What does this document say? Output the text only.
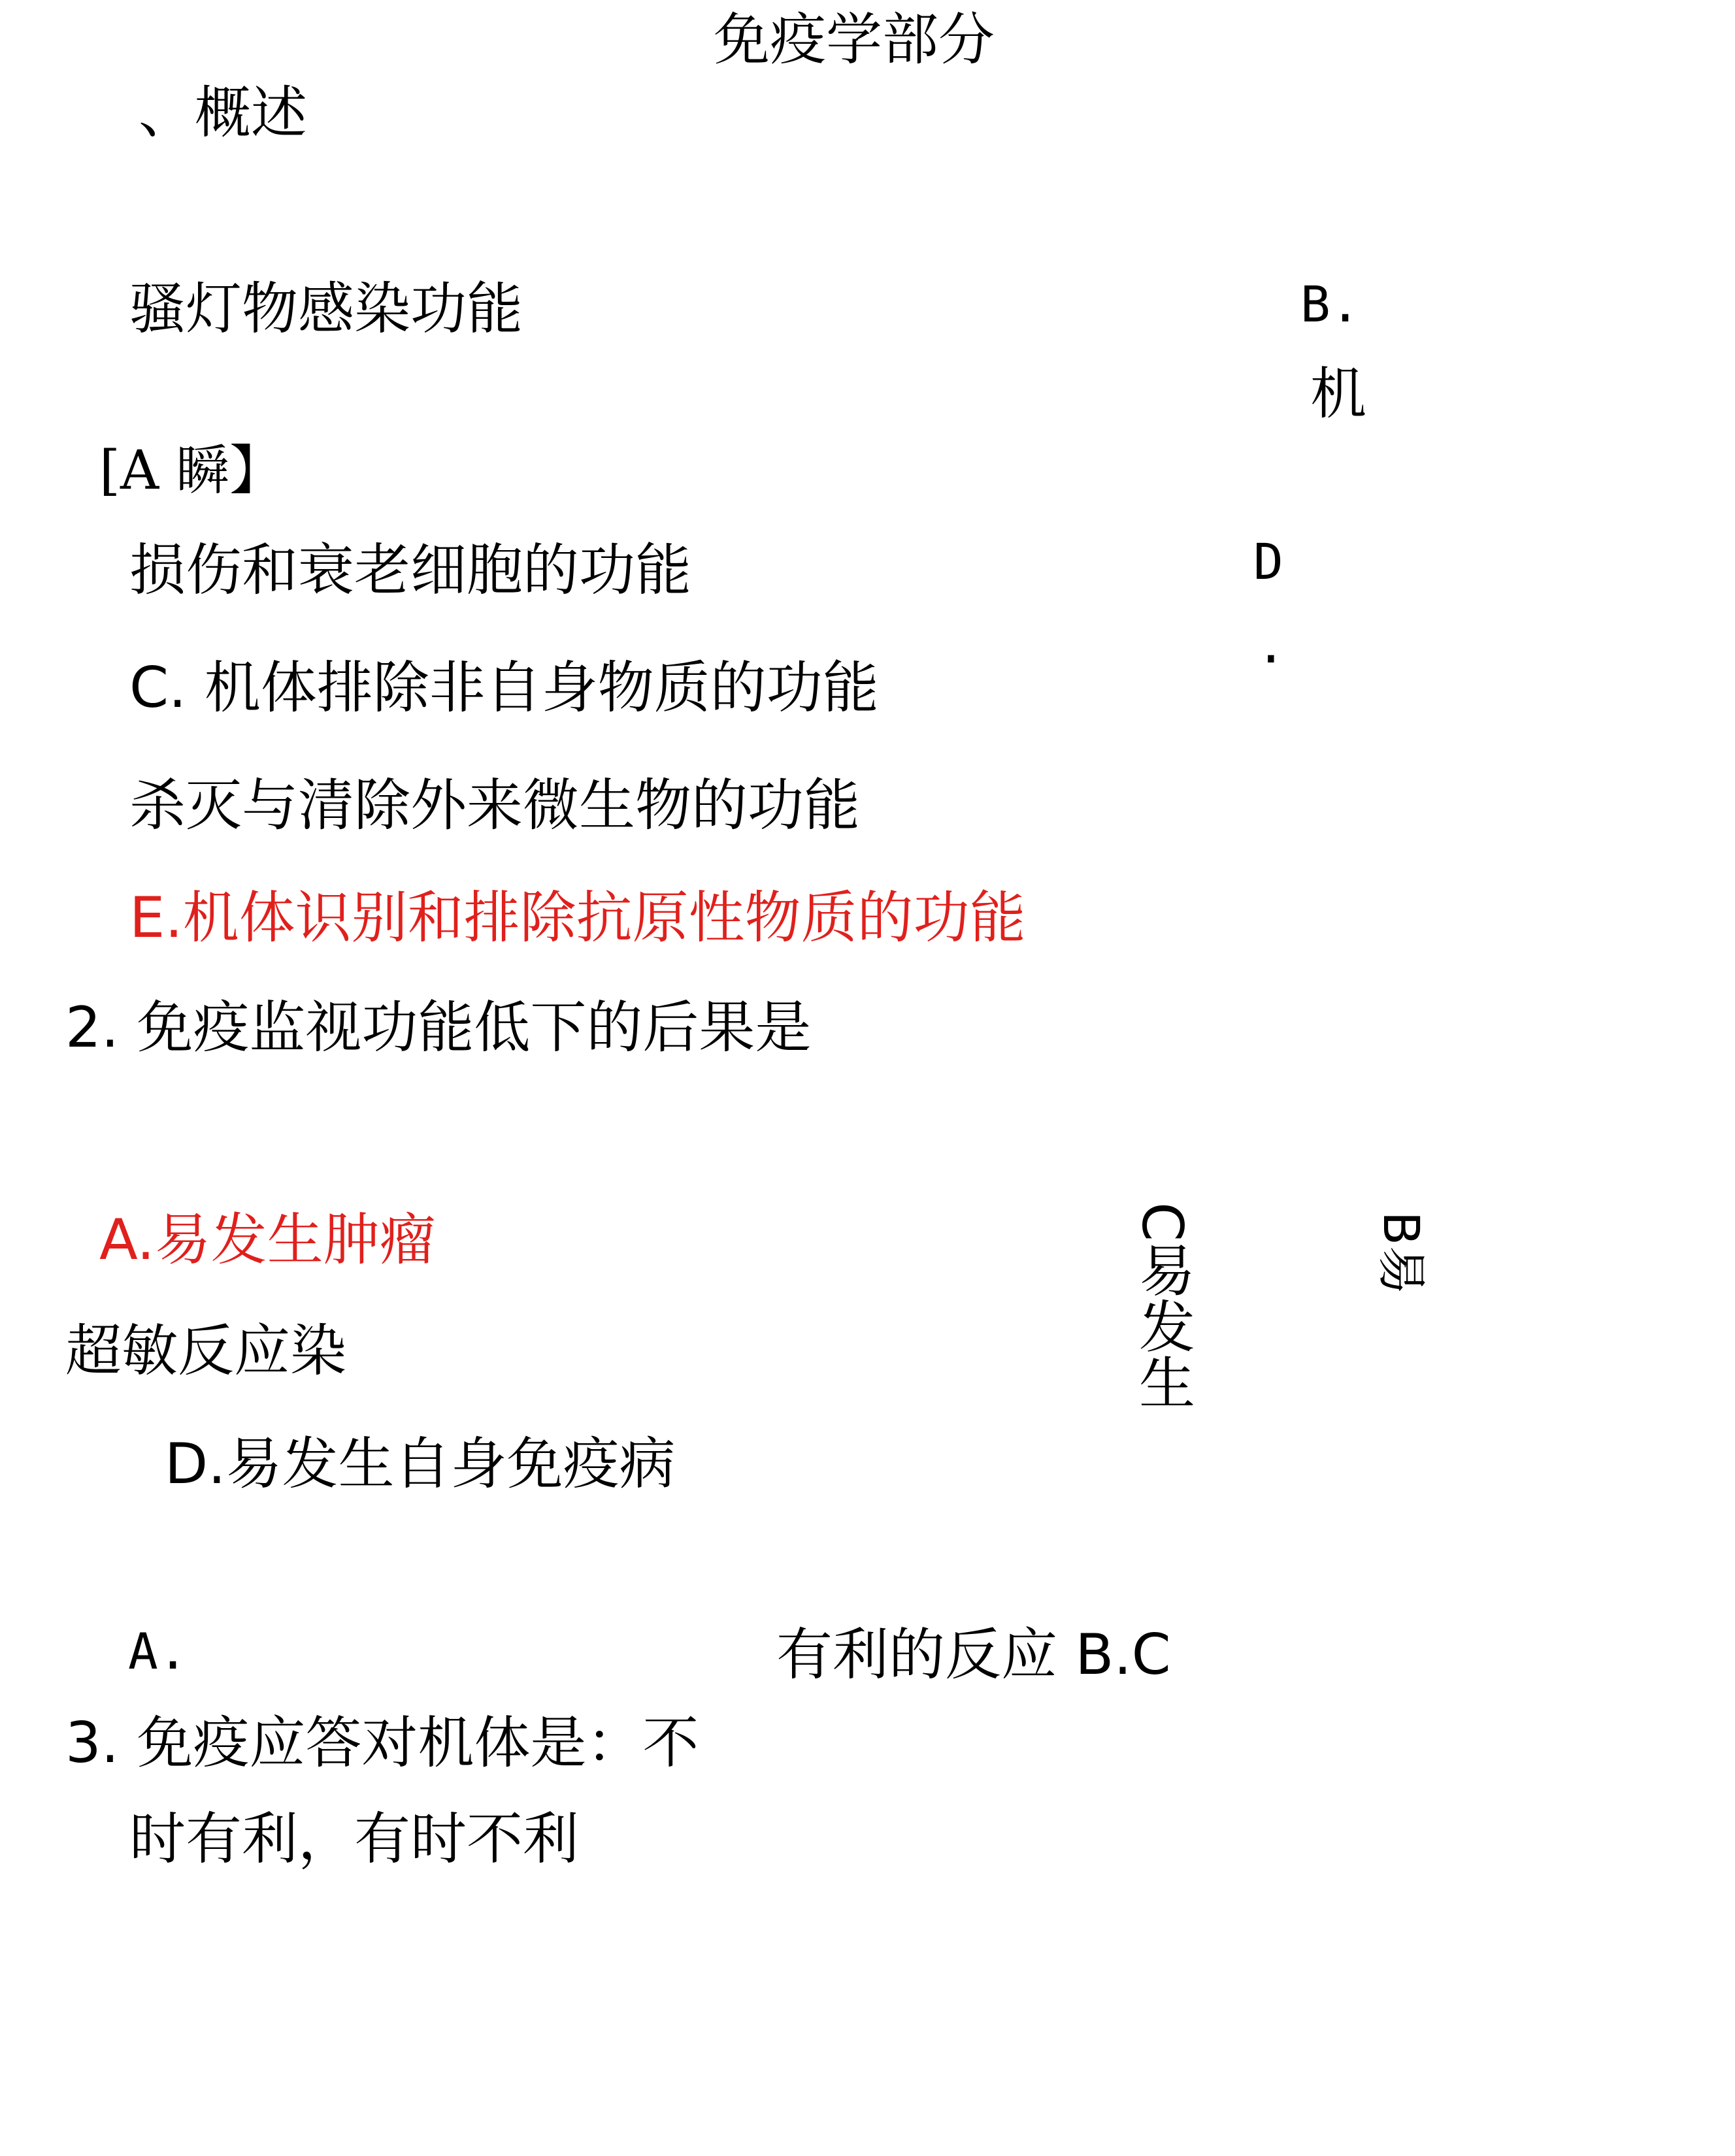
免疫学部分
、概述
骚灯物感染功能	B.
机
[A 瞬】
损伤和衰老细胞的功能	D
.
C. 机体排除非自身物质的功能
杀灭与清除外来微生物的功能
E.机体识别和排除抗原性物质的功能
2. 免疫监视功能低下的后果是
A.易发生肿瘤	C易发生	B易
超敏反应染
D.易发生自身免疫病
A.	有利的反应 B.C
3. 免疫应答对机体是：不
时有利，有时不利
